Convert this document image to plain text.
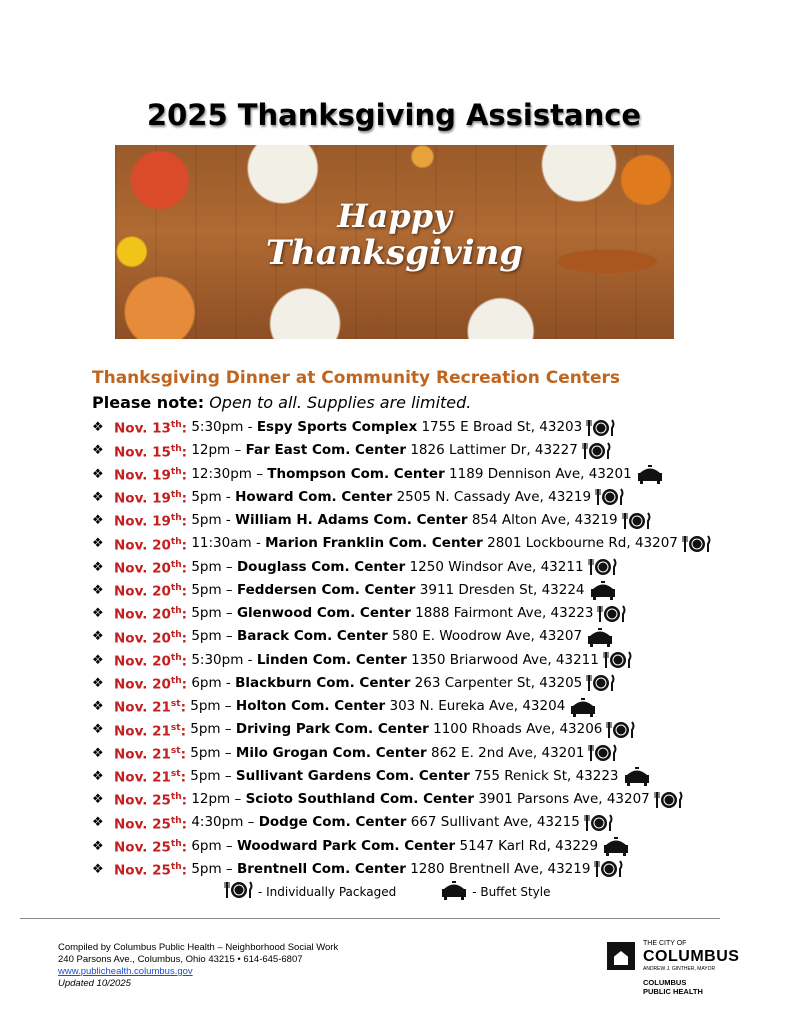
2025 Thanksgiving Assistance
Happy
Thanksgiving
Thanksgiving Dinner at Community Recreation Centers
Please note: Open to all. Supplies are limited.
❖ Nov. 13th:
5:30pm
-
Espy Sports Complex
1755 E Broad St, 43203
❖ Nov. 15th:
12pm
–
Far East Com. Center
1826 Lattimer Dr, 43227
❖ Nov. 19th:
12:30pm
–
Thompson Com. Center
1189 Dennison Ave, 43201
❖ Nov. 19th:
5pm
-
Howard Com. Center
2505 N. Cassady Ave, 43219
❖ Nov. 19th:
5pm
-
William H. Adams Com. Center
854 Alton Ave, 43219
❖ Nov. 20th:
11:30am
-
Marion Franklin Com. Center
2801 Lockbourne Rd, 43207
❖ Nov. 20th:
5pm
–
Douglass Com. Center
1250 Windsor Ave, 43211
❖ Nov. 20th:
5pm
–
Feddersen Com. Center
3911 Dresden St, 43224
❖ Nov. 20th:
5pm
–
Glenwood Com. Center
1888 Fairmont Ave, 43223
❖ Nov. 20th:
5pm
–
Barack Com. Center
580 E. Woodrow Ave, 43207
❖ Nov. 20th:
5:30pm
-
Linden Com. Center
1350 Briarwood Ave, 43211
❖ Nov. 20th:
6pm
-
Blackburn Com. Center
263 Carpenter St, 43205
❖ Nov. 21st:
5pm
–
Holton Com. Center
303 N. Eureka Ave, 43204
❖ Nov. 21st:
5pm
–
Driving Park Com. Center
1100 Rhoads Ave, 43206
❖ Nov. 21st:
5pm
–
Milo Grogan Com. Center
862 E. 2nd Ave, 43201
❖ Nov. 21st:
5pm
–
Sullivant Gardens Com. Center
755 Renick St, 43223
❖ Nov. 25th:
12pm
–
Scioto Southland Com. Center
3901 Parsons Ave, 43207
❖ Nov. 25th:
4:30pm
–
Dodge Com. Center
667 Sullivant Ave, 43215
❖ Nov. 25th:
6pm
–
Woodward Park Com. Center
5147 Karl Rd, 43229
❖ Nov. 25th:
5pm
–
Brentnell Com. Center
1280 Brentnell Ave, 43219
- Individually Packaged	- Buffet Style
Compiled by Columbus Public Health – Neighborhood Social Work
240 Parsons Ave., Columbus, Ohio 43215 • 614-645-6807
www.publichealth.columbus.gov
Updated 10/2025
THE CITY OF
COLUMBUS
ANDREW J. GINTHER, MAYOR
COLUMBUS
PUBLIC HEALTH
